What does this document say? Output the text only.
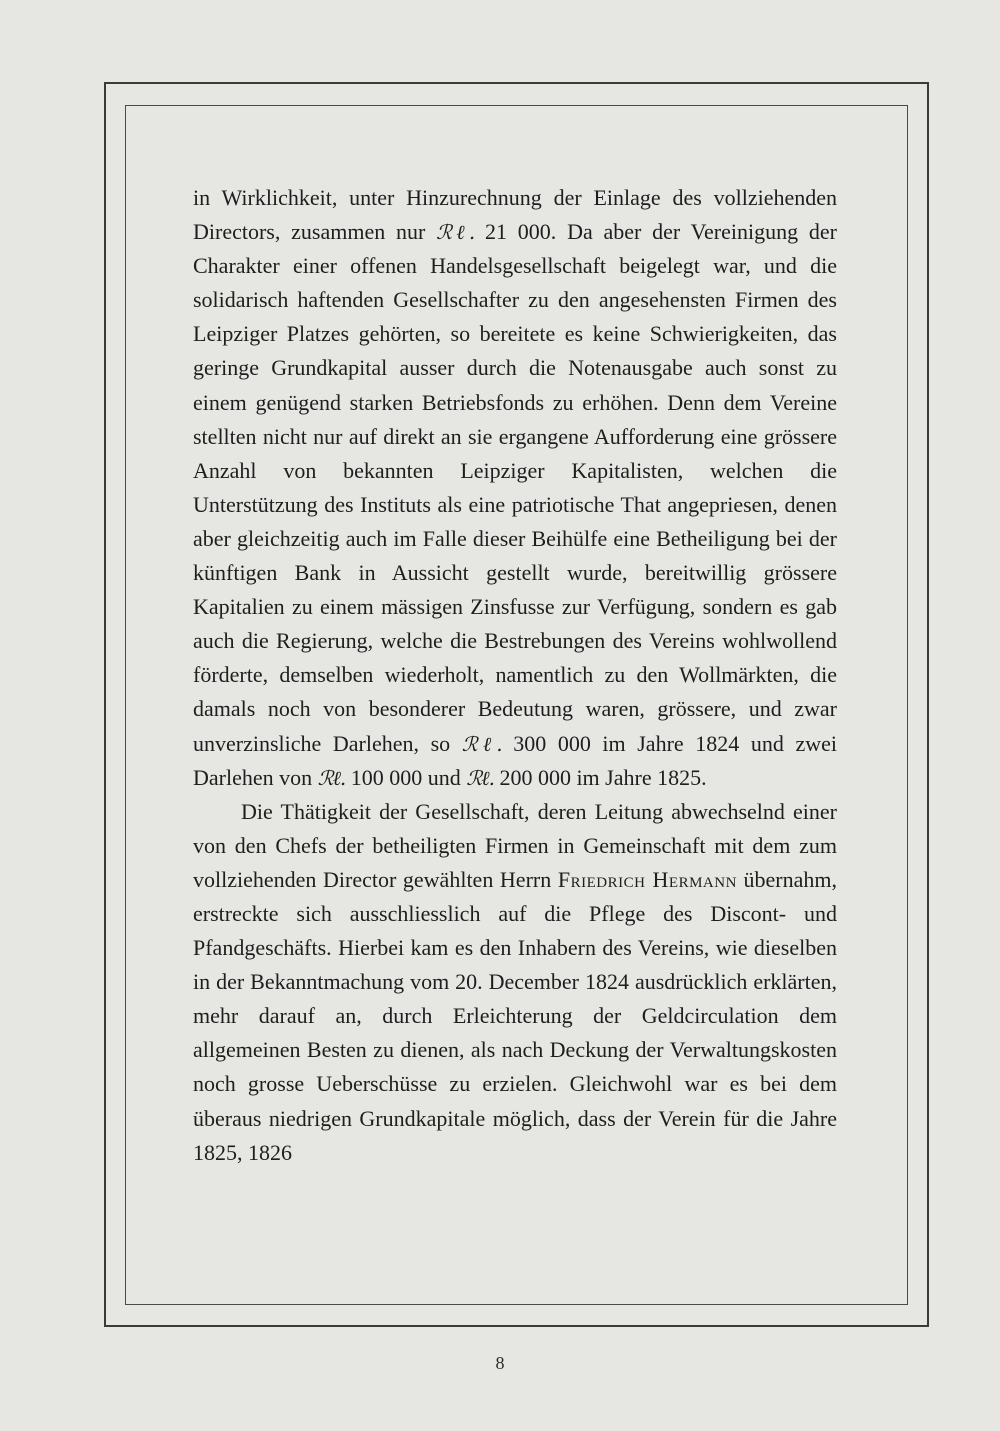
in Wirklichkeit, unter Hinzurechnung der Einlage des vollziehenden Directors, zusammen nur ℛℓ. 21 000. Da aber der Vereinigung der Charakter einer offenen Handelsgesellschaft beigelegt war, und die solidarisch haftenden Gesellschafter zu den angesehensten Firmen des Leipziger Platzes gehörten, so bereitete es keine Schwierigkeiten, das geringe Grundkapital ausser durch die Notenausgabe auch sonst zu einem genügend starken Betriebsfonds zu erhöhen. Denn dem Vereine stellten nicht nur auf direkt an sie ergangene Aufforderung eine grössere Anzahl von bekannten Leipziger Kapitalisten, welchen die Unterstützung des Instituts als eine patriotische That angepriesen, denen aber gleichzeitig auch im Falle dieser Beihülfe eine Betheiligung bei der künftigen Bank in Aussicht gestellt wurde, bereitwillig grössere Kapitalien zu einem mässigen Zinsfusse zur Verfügung, sondern es gab auch die Regierung, welche die Bestrebungen des Vereins wohlwollend förderte, demselben wiederholt, namentlich zu den Wollmärkten, die damals noch von besonderer Bedeutung waren, grössere, und zwar unverzinsliche Darlehen, so ℛℓ. 300 000 im Jahre 1824 und zwei Darlehen von ℛℓ. 100 000 und ℛℓ. 200 000 im Jahre 1825.

Die Thätigkeit der Gesellschaft, deren Leitung abwechselnd einer von den Chefs der betheiligten Firmen in Gemeinschaft mit dem zum vollziehenden Director gewählten Herrn Friedrich Hermann übernahm, erstreckte sich ausschliesslich auf die Pflege des Discont- und Pfandgeschäfts. Hierbei kam es den Inhabern des Vereins, wie dieselben in der Bekanntmachung vom 20. December 1824 ausdrücklich erklärten, mehr darauf an, durch Erleichterung der Geldcirculation dem allgemeinen Besten zu dienen, als nach Deckung der Verwaltungskosten noch grosse Ueberschüsse zu erzielen. Gleichwohl war es bei dem überaus niedrigen Grundkapitale möglich, dass der Verein für die Jahre 1825, 1826

8
